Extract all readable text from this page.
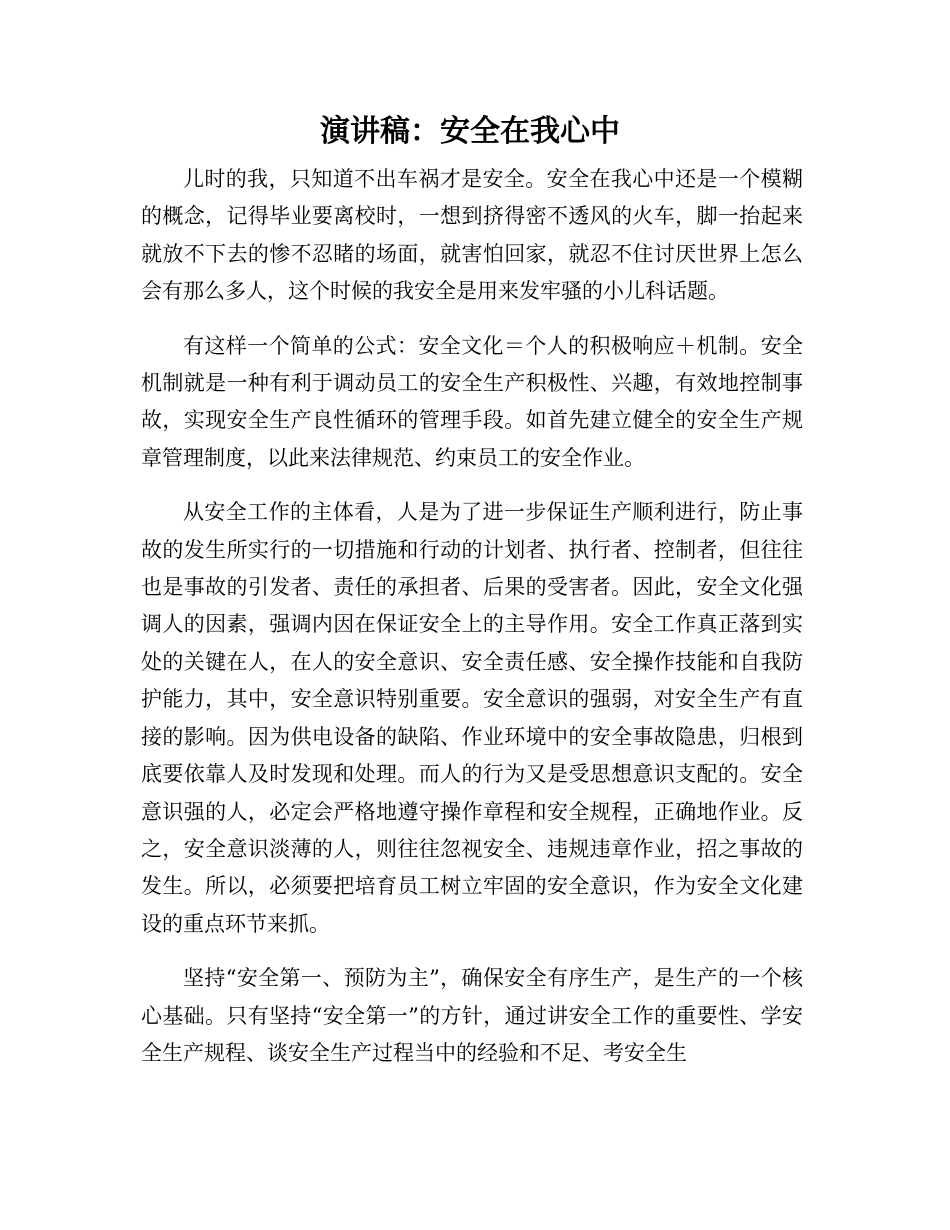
演讲稿：安全在我心中

儿时的我，只知道不出车祸才是安全。安全在我心中还是一个模糊的概念，记得毕业要离校时，一想到挤得密不透风的火车，脚一抬起来就放不下去的惨不忍睹的场面，就害怕回家，就忍不住讨厌世界上怎么会有那么多人，这个时候的我安全是用来发牢骚的小儿科话题。

有这样一个简单的公式：安全文化＝个人的积极响应＋机制。安全机制就是一种有利于调动员工的安全生产积极性、兴趣，有效地控制事故，实现安全生产良性循环的管理手段。如首先建立健全的安全生产规章管理制度，以此来法律规范、约束员工的安全作业。

从安全工作的主体看，人是为了进一步保证生产顺利进行，防止事故的发生所实行的一切措施和行动的计划者、执行者、控制者，但往往也是事故的引发者、责任的承担者、后果的受害者。因此，安全文化强调人的因素，强调内因在保证安全上的主导作用。安全工作真正落到实处的关键在人，在人的安全意识、安全责任感、安全操作技能和自我防护能力，其中，安全意识特别重要。安全意识的强弱，对安全生产有直接的影响。因为供电设备的缺陷、作业环境中的安全事故隐患，归根到底要依靠人及时发现和处理。而人的行为又是受思想意识支配的。安全意识强的人，必定会严格地遵守操作章程和安全规程，正确地作业。反之，安全意识淡薄的人，则往往忽视安全、违规违章作业，招之事故的发生。所以，必须要把培育员工树立牢固的安全意识，作为安全文化建设的重点环节来抓。

坚持“安全第一、预防为主”，确保安全有序生产，是生产的一个核心基础。只有坚持“安全第一”的方针，通过讲安全工作的重要性、学安全生产规程、谈安全生产过程当中的经验和不足、考安全生
